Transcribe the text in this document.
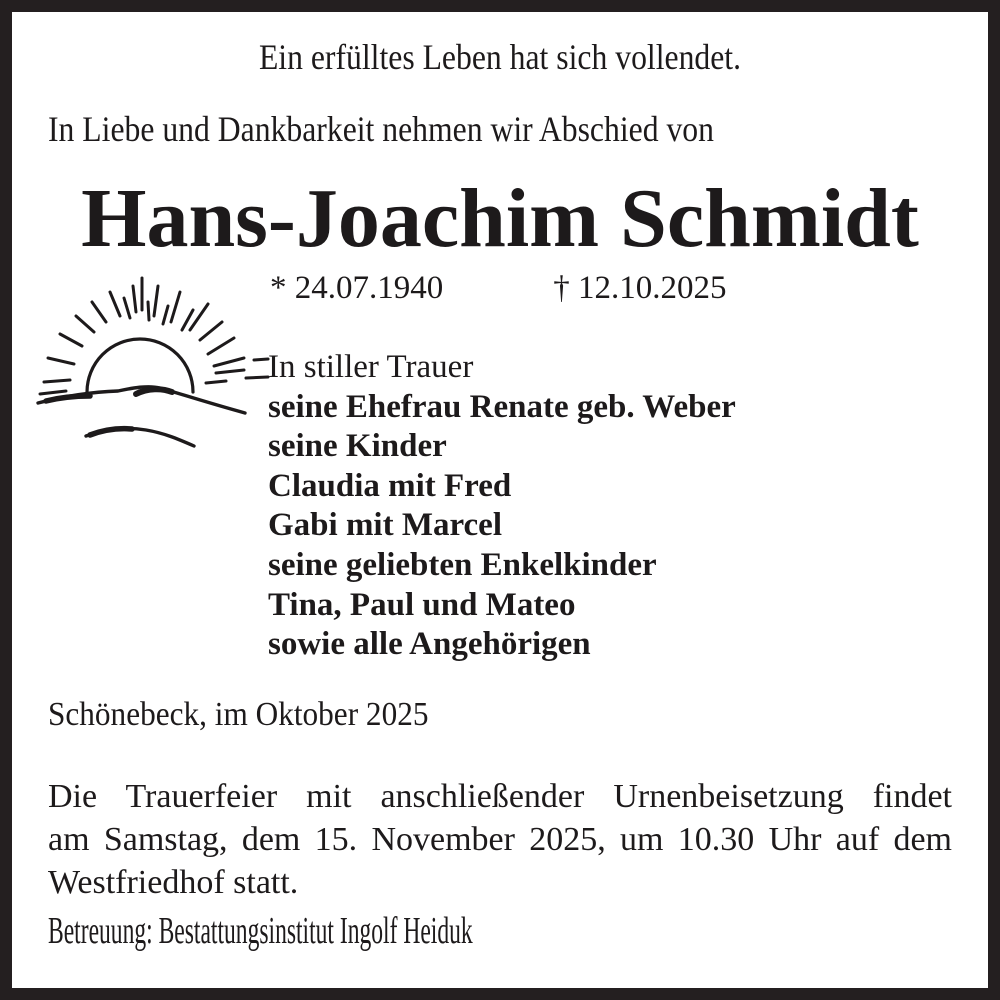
Ein erfülltes Leben hat sich vollendet.
In Liebe und Dankbarkeit nehmen wir Abschied von
Hans-Joachim Schmidt
* 24.07.1940	† 12.10.2025
In stiller Trauer
seine Ehefrau Renate geb. Weber
seine Kinder
Claudia mit Fred
Gabi mit Marcel
seine geliebten Enkelkinder
Tina, Paul und Mateo
sowie alle Angehörigen
Schönebeck, im Oktober 2025
Die Trauerfeier mit anschließender Urnenbeisetzung findet
am Samstag, dem 15. November 2025, um 10.30 Uhr auf dem
Westfriedhof statt.
Betreuung: Bestattungsinstitut Ingolf Heiduk
